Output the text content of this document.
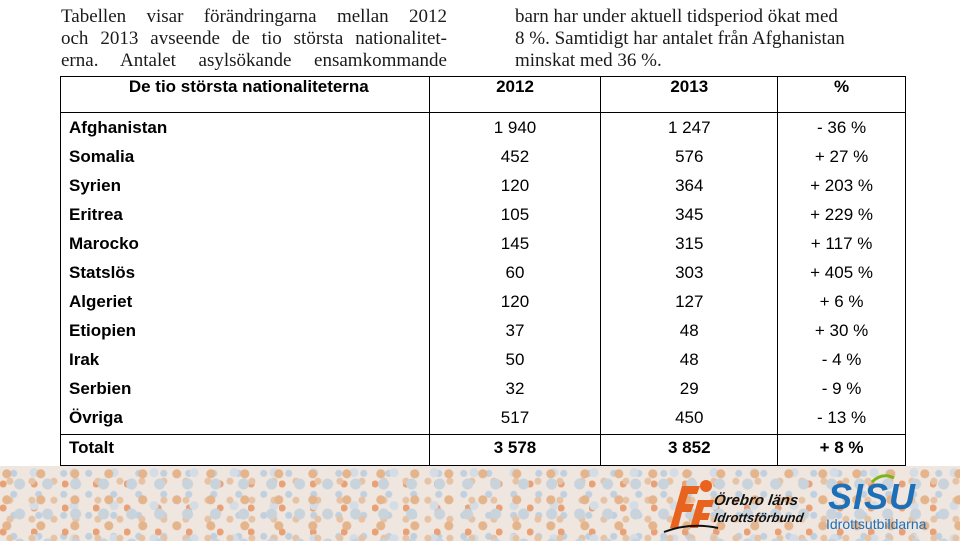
Tabellen visar förändringarna mellan 2012
och 2013 avseende de tio största nationalitet-
erna. Antalet asylsökande ensamkommande
barn har under aktuell tidsperiod ökat med
8 %. Samtidigt har antalet från Afghanistan
minskat med 36 %.
De tio största nationaliteterna	2012	2013	%
Afghanistan	1 940	1 247	- 36 %
Somalia	452	576	+ 27 %
Syrien	120	364	+ 203 %
Eritrea	105	345	+ 229 %
Marocko	145	315	+ 117 %
Statslös	60	303	+ 405 %
Algeriet	120	127	+ 6 %
Etiopien	37	48	+ 30 %
Irak	50	48	- 4 %
Serbien	32	29	- 9 %
Övriga	517	450	- 13 %
Totalt	3 578	3 852	+ 8 %
Örebro läns
Idrottsförbund
SISU
Idrottsutbildarna
